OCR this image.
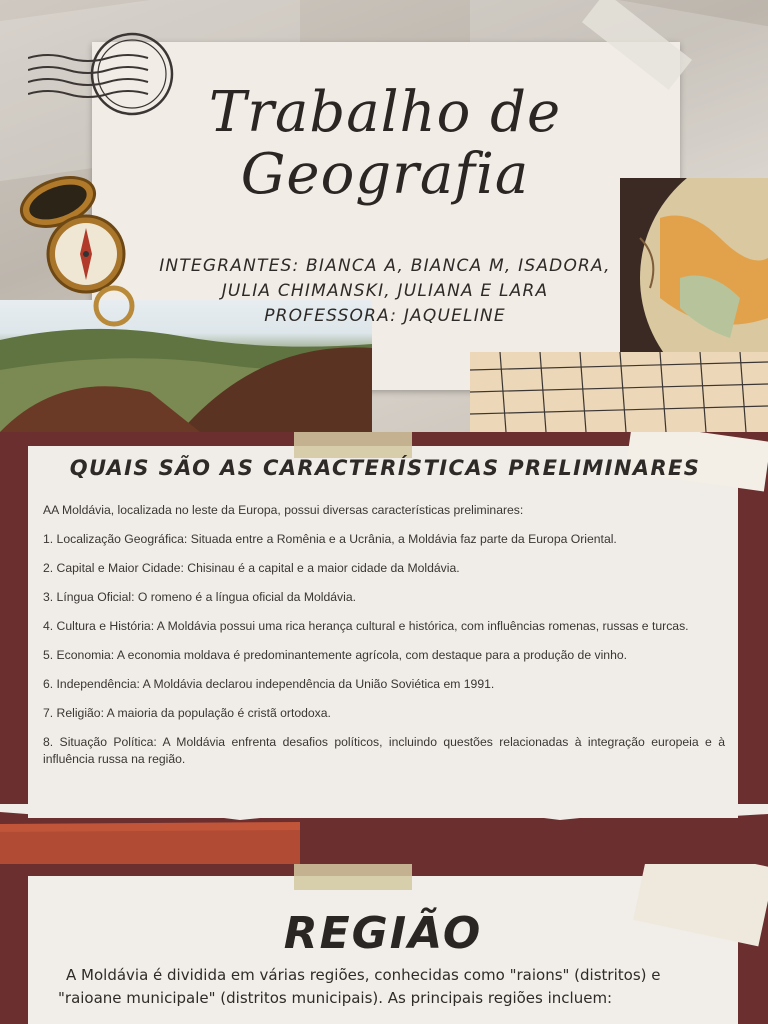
Trabalho de
Geografia
INTEGRANTES: BIANCA A, BIANCA M, ISADORA,
JULIA CHIMANSKI, JULIANA E LARA
PROFESSORA: JAQUELINE
QUAIS SÃO AS CARACTERÍSTICAS PRELIMINARES

AA Moldávia, localizada no leste da Europa, possui diversas características preliminares:

1. Localização Geográfica: Situada entre a Romênia e a Ucrânia, a Moldávia faz parte da Europa Oriental.

2. Capital e Maior Cidade: Chisinau é a capital e a maior cidade da Moldávia.

3. Língua Oficial: O romeno é a língua oficial da Moldávia.

4. Cultura e História: A Moldávia possui uma rica herança cultural e histórica, com influências romenas, russas e turcas.

5. Economia: A economia moldava é predominantemente agrícola, com destaque para a produção de vinho.

6. Independência: A Moldávia declarou independência da União Soviética em 1991.

7. Religião: A maioria da população é cristã ortodoxa.

8. Situação Política: A Moldávia enfrenta desafios políticos, incluindo questões relacionadas à integração europeia e à influência russa na região.

REGIÃO

A Moldávia é dividida em várias regiões, conhecidas como "raions" (distritos) e "raioane municipale" (distritos municipais). As principais regiões incluem:
